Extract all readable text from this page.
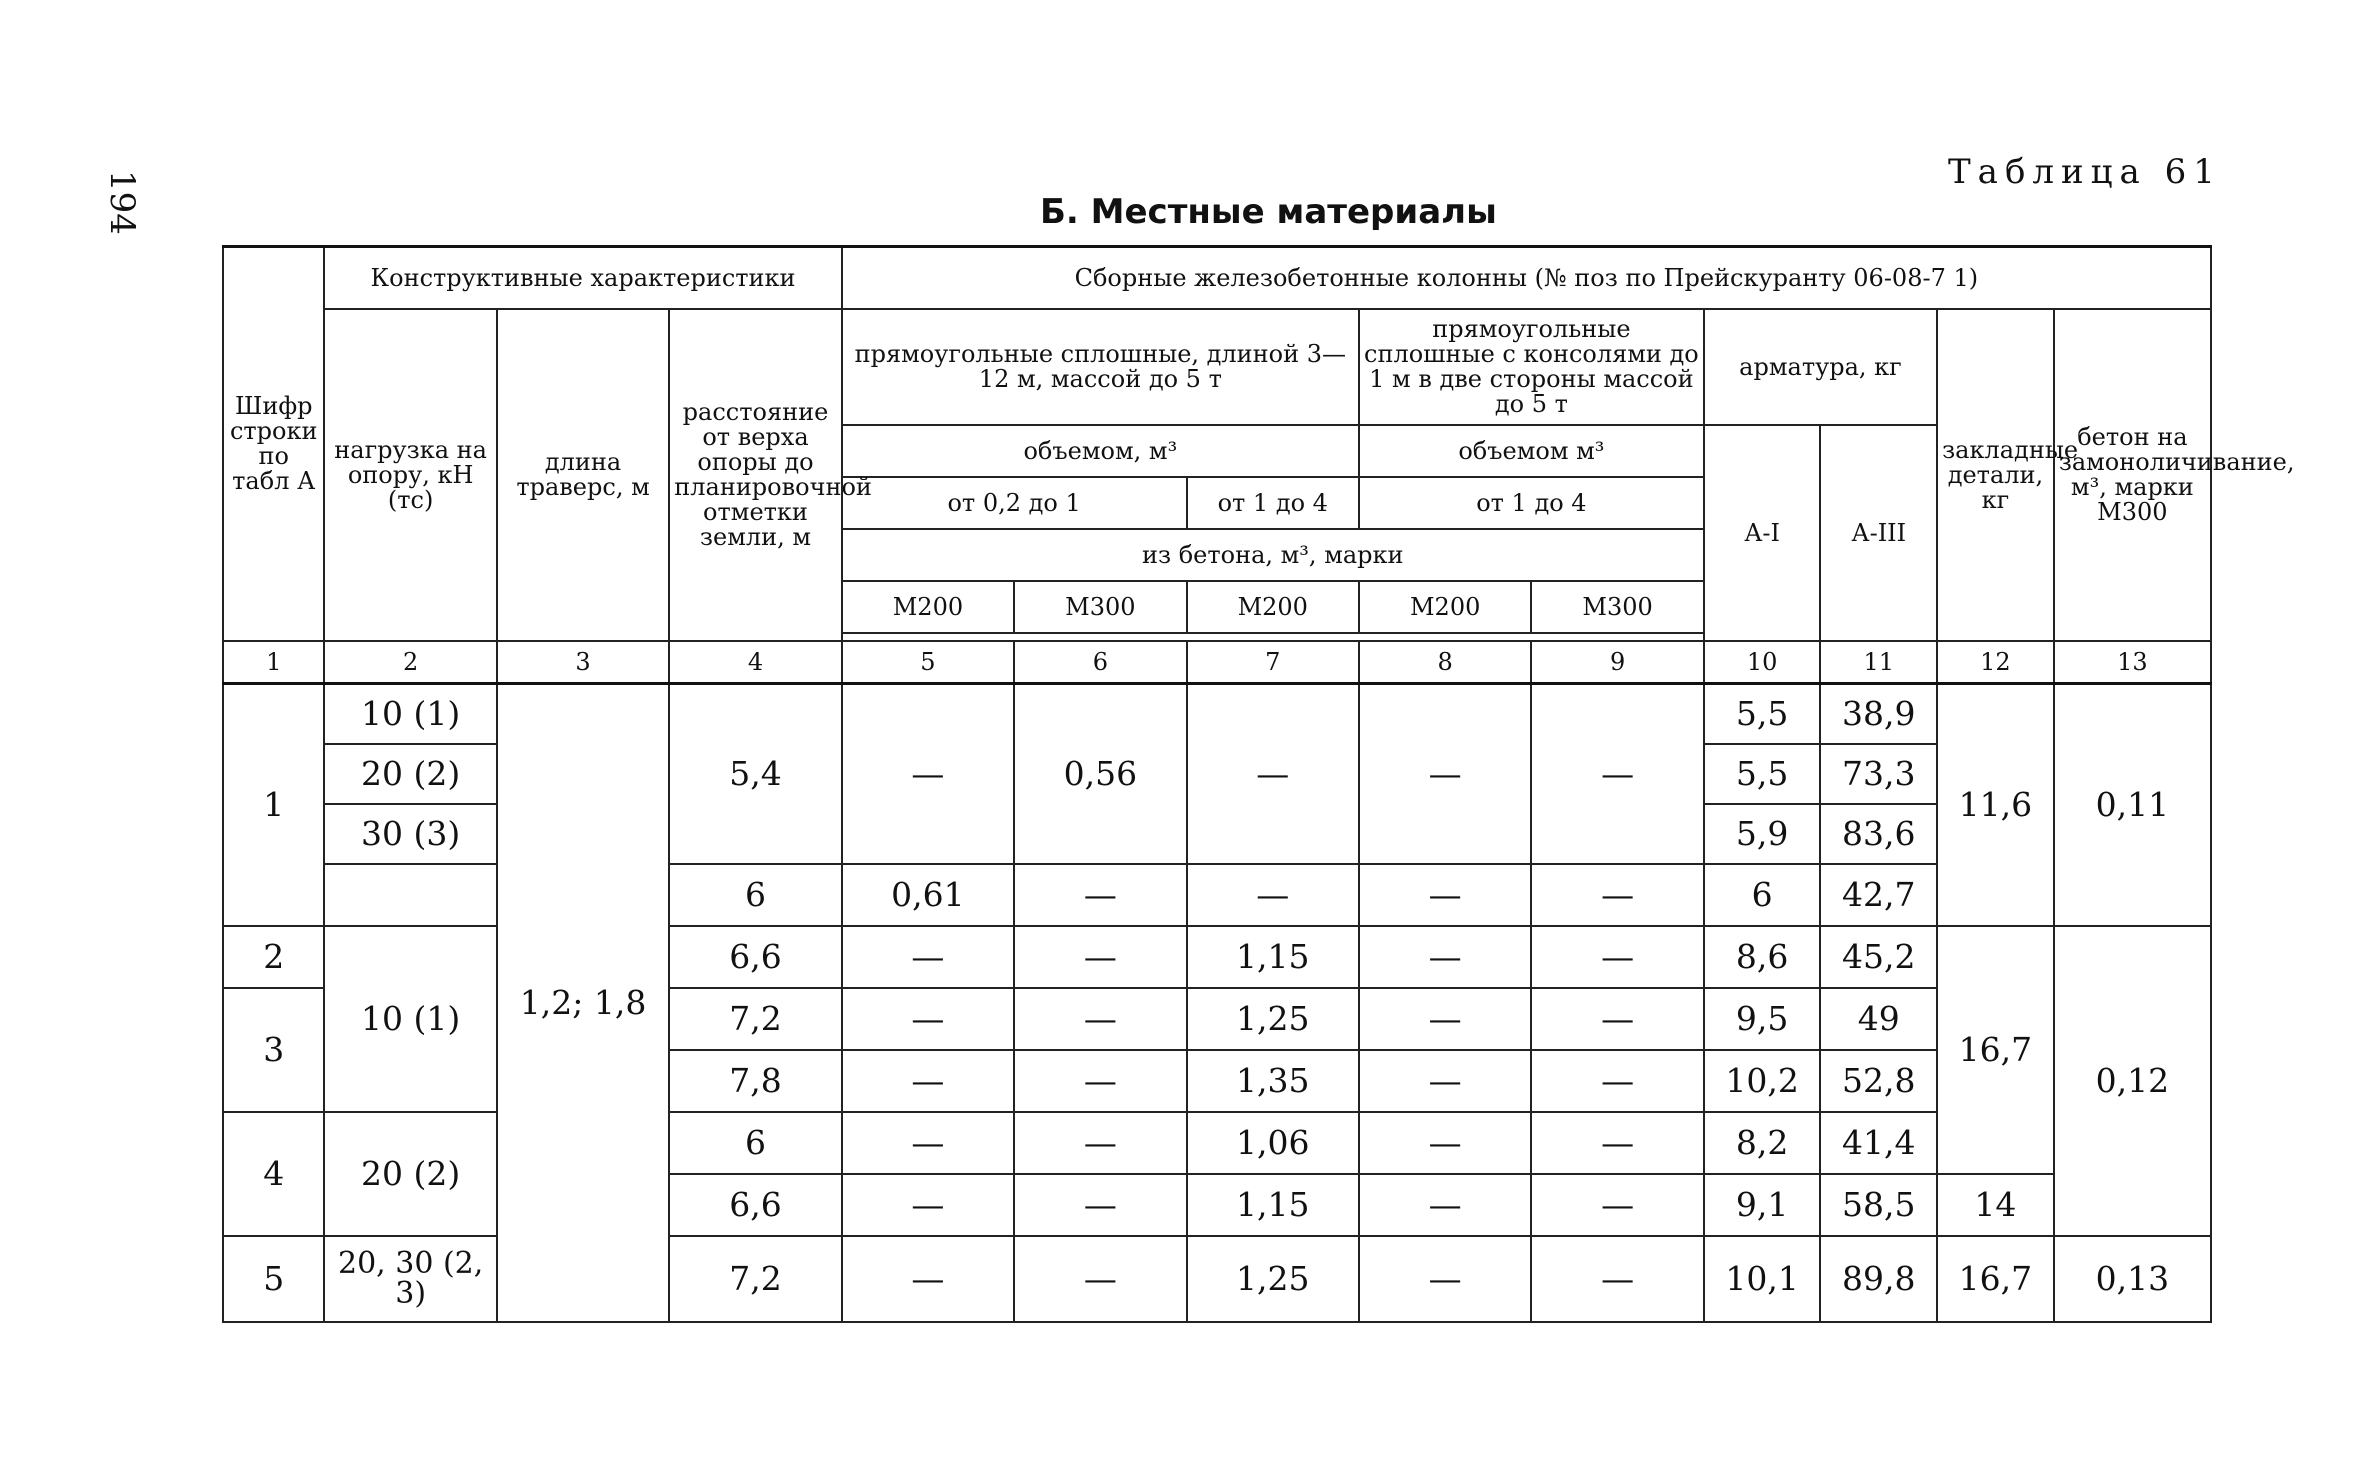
194	Таблица 61
Б. Местные материалы
Шифр строки по табл А	Конструктивные характеристики			Сборные железобетонные колонны (№ поз по Прейскуранту 06-08-7 1)								
	нагрузка на опору, кН (тс)	длина траверс, м	расстояние от верха опоры до планировочной отметки земли, м	прямоугольные сплошные, длиной 3—12 м, массой до 5 т			прямоугольные сплошные с консолями до 1 м в две стороны массой до 5 т		арматура, кг		закладные детали, кг	бетон на замоноличивание, м³, марки М300
				объемом, м³			объемом м³		А-I	А-III		
				от 0,2 до 1		от 1 до 4	от 1 до 4					
				из бетона, м³, марки								
				М200	М300	М200	М200	М300				

1	2	3	4	5	6	7	8	9	10	11	12	13
1	10 (1)	1,2; 1,8	5,4	—	0,56	—	—	—	5,5	38,9	11,6	0,11
	20 (2)								5,5	73,3		
	30 (3)								5,9	83,6		
			6	0,61	—	—	—	—	6	42,7		
2	10 (1)		6,6	—	—	1,15	—	—	8,6	45,2	16,7	0,12
3			7,2	—	—	1,25	—	—	9,5	49		
			7,8	—	—	1,35	—	—	10,2	52,8		
4	20 (2)		6	—	—	1,06	—	—	8,2	41,4		
			6,6	—	—	1,15	—	—	9,1	58,5	14	
5	20, 30 (2, 3)		7,2	—	—	1,25	—	—	10,1	89,8	16,7	0,13
